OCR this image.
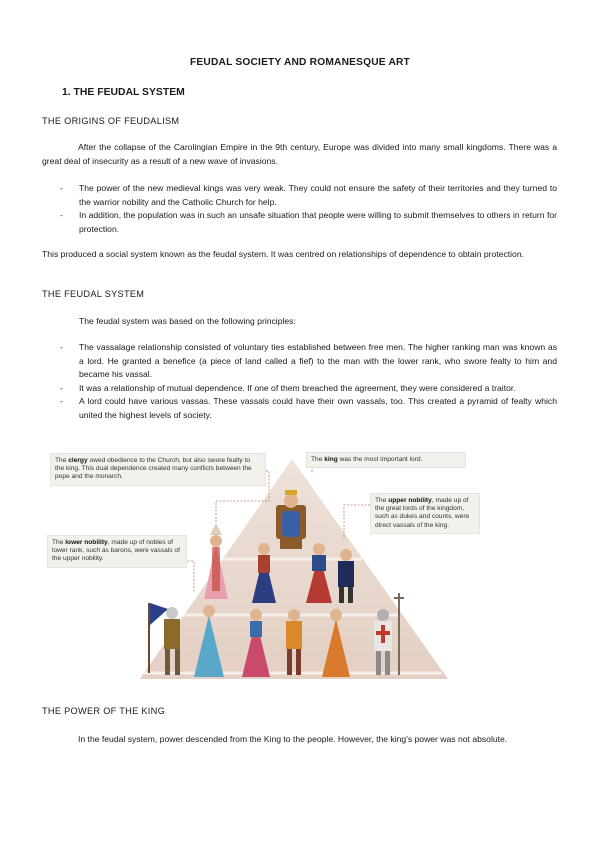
FEUDAL SOCIETY AND ROMANESQUE ART
1. THE FEUDAL SYSTEM
THE ORIGINS OF FEUDALISM
After the collapse of the Carolingian Empire in the 9th century, Europe was divided into many small kingdoms. There was a great deal of insecurity as a result of a new wave of invasions.
- The power of the new medieval kings was very weak. They could not ensure the safety of their territories and they turned to the warrior nobility and the Catholic Church for help.
- In addition, the population was in such an unsafe situation that people were willing to submit themselves to others in return for protection.
This produced a social system known as the feudal system. It was centred on relationships of dependence to obtain protection.
THE FEUDAL SYSTEM
The feudal system was based on the following principles:
- The vassalage relationship consisted of voluntary ties established between free men. The higher ranking man was known as a lord. He granted a benefice (a piece of land called a fief) to the man with the lower rank, who swore fealty to him and became his vassal.
- It was a relationship of mutual dependence. If one of them breached the agreement, they were considered a traitor.
- A lord could have various vassas. These vassals could have their own vassals, too. This created a pyramid of fealty which united the highest levels of society.
The clergy owed obedience to the Church, but also swore fealty to the king. This dual dependence created many conflicts between the pope and the monarch.
The king was the most important lord.
The upper nobility, made up of the great lords of the kingdom, such as dukes and counts, were direct vassals of the king.
The lower nobility, made up of nobles of lower rank, such as barons, were vassals of the upper nobility.
THE POWER OF THE KING
In the feudal system, power descended from the King to the people. However, the king's power was not absolute.
